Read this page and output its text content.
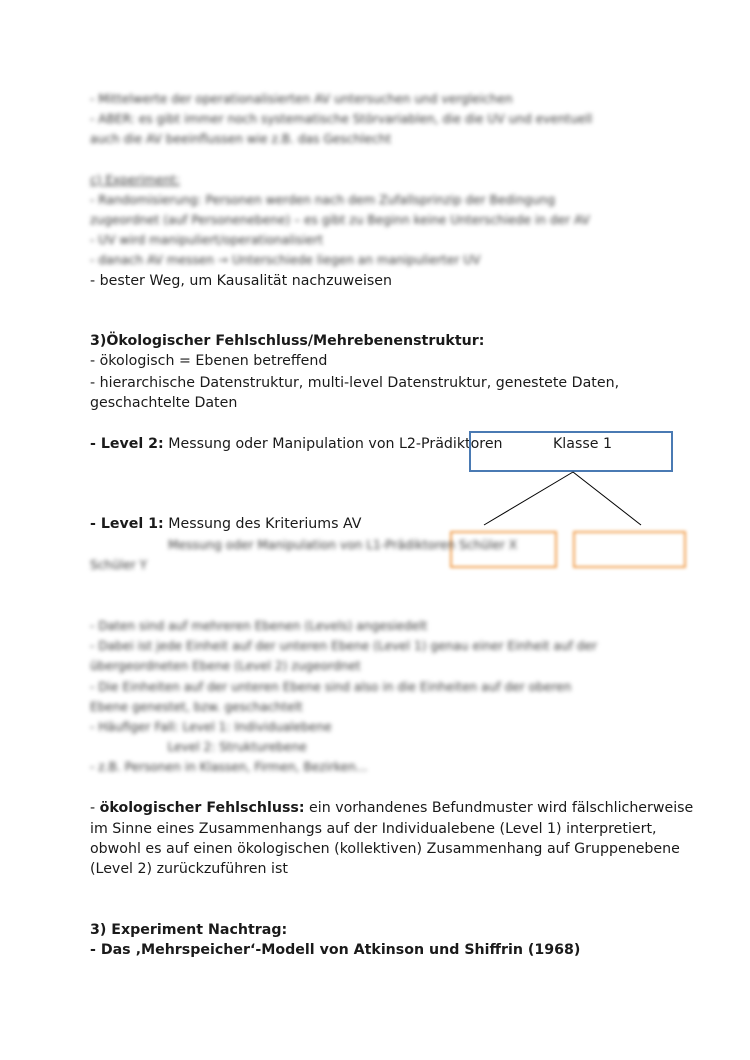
- Mittelwerte der operationalisierten AV untersuchen und vergleichen
- ABER: es gibt immer noch systematische Störvariablen, die die UV und eventuell
auch die AV beeinflussen wie z.B. das Geschlecht
c) Experiment:
- Randomisierung: Personen werden nach dem Zufallsprinzip der Bedingung
zugeordnet (auf Personenebene) – es gibt zu Beginn keine Unterschiede in der AV
- UV wird manipuliert/operationalisiert
- danach AV messen → Unterschiede liegen an manipulierter UV
- bester Weg, um Kausalität nachzuweisen
3)Ökologischer Fehlschluss/Mehrebenenstruktur:
- ökologisch = Ebenen betreffend
- hierarchische Datenstruktur, multi-level Datenstruktur, genestete Daten,
geschachtelte Daten
- Level 2: Messung oder Manipulation von L2-Prädiktoren	Klasse 1
- Level 1: Messung des Kriteriums AV
Messung oder Manipulation von L1-Prädiktoren Schüler X
Schüler Y
- Daten sind auf mehreren Ebenen (Levels) angesiedelt
- Dabei ist jede Einheit auf der unteren Ebene (Level 1) genau einer Einheit auf der
übergeordneten Ebene (Level 2) zugeordnet
- Die Einheiten auf der unteren Ebene sind also in die Einheiten auf der oberen
Ebene genestet, bzw. geschachtelt
- Häufiger Fall: Level 1: Individualebene
Level 2: Strukturebene
- z.B. Personen in Klassen, Firmen, Bezirken...
- ökologischer Fehlschluss: ein vorhandenes Befundmuster wird fälschlicherweise
im Sinne eines Zusammenhangs auf der Individualebene (Level 1) interpretiert,
obwohl es auf einen ökologischen (kollektiven) Zusammenhang auf Gruppenebene
(Level 2) zurückzuführen ist
3) Experiment Nachtrag:
- Das ‚Mehrspeicher‘-Modell von Atkinson und Shiffrin (1968)
